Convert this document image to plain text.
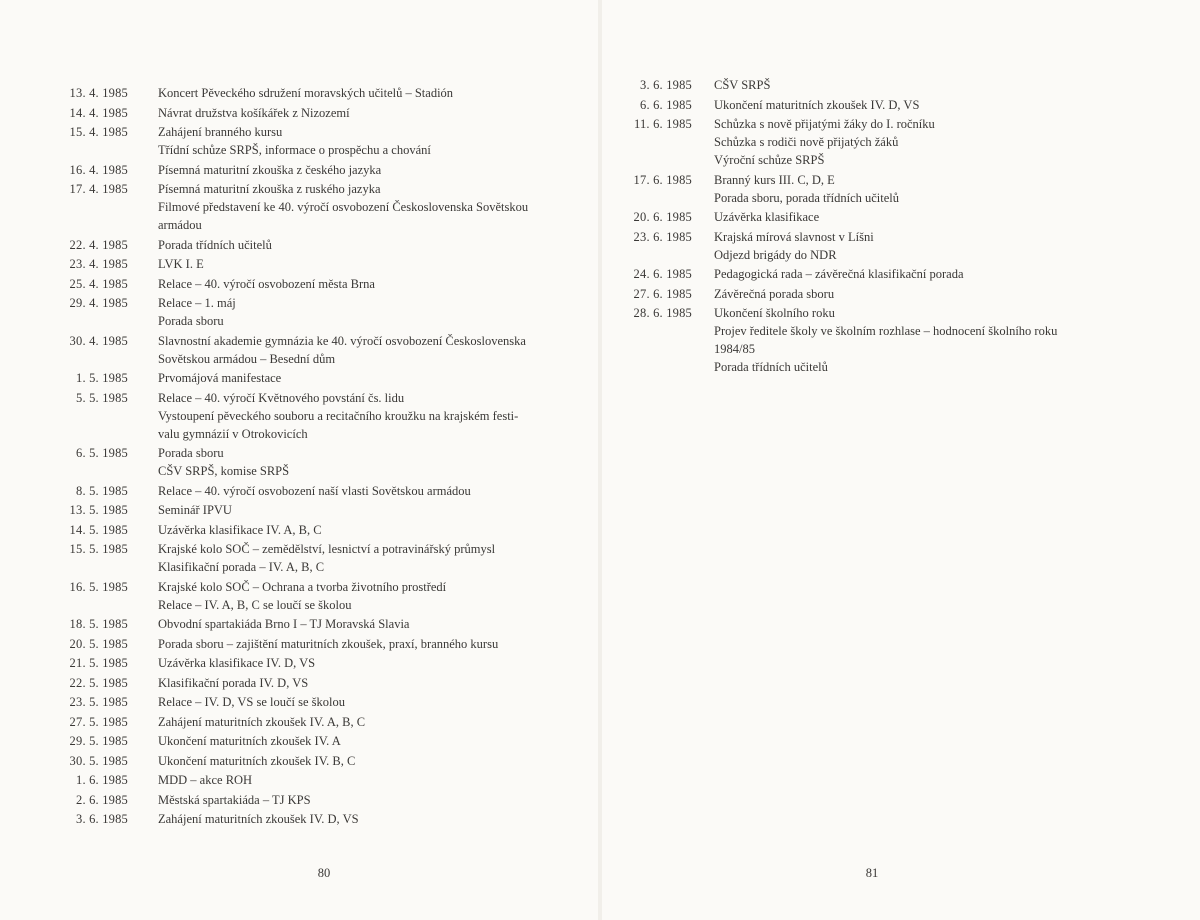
13. 4. 1985 Koncert Pěveckého sdružení moravských učitelů – Stadión
14. 4. 1985 Návrat družstva košíkářek z Nizozemí
15. 4. 1985 Zahájení branného kursu
Třídní schůze SRPŠ, informace o prospěchu a chování
16. 4. 1985 Písemná maturitní zkouška z českého jazyka
17. 4. 1985 Písemná maturitní zkouška z ruského jazyka
Filmové představení ke 40. výročí osvobození Československa Sovětskou
armádou
22. 4. 1985 Porada třídních učitelů
23. 4. 1985 LVK I. E
25. 4. 1985 Relace – 40. výročí osvobození města Brna
29. 4. 1985 Relace – 1. máj
Porada sboru
30. 4. 1985 Slavnostní akademie gymnázia ke 40. výročí osvobození Československa
Sovětskou armádou – Besední dům
1. 5. 1985 Prvomájová manifestace
5. 5. 1985 Relace – 40. výročí Květnového povstání čs. lidu
Vystoupení pěveckého souboru a recitačního kroužku na krajském festi-
valu gymnázií v Otrokovicích
6. 5. 1985 Porada sboru
CŠV SRPŠ, komise SRPŠ
8. 5. 1985 Relace – 40. výročí osvobození naší vlasti Sovětskou armádou
13. 5. 1985 Seminář IPVU
14. 5. 1985 Uzávěrka klasifikace IV. A, B, C
15. 5. 1985 Krajské kolo SOČ – zemědělství, lesnictví a potravinářský průmysl
Klasifikační porada – IV. A, B, C
16. 5. 1985 Krajské kolo SOČ – Ochrana a tvorba životního prostředí
Relace – IV. A, B, C se loučí se školou
18. 5. 1985 Obvodní spartakiáda Brno I – TJ Moravská Slavia
20. 5. 1985 Porada sboru – zajištění maturitních zkoušek, praxí, branného kursu
21. 5. 1985 Uzávěrka klasifikace IV. D, VS
22. 5. 1985 Klasifikační porada IV. D, VS
23. 5. 1985 Relace – IV. D, VS se loučí se školou
27. 5. 1985 Zahájení maturitních zkoušek IV. A, B, C
29. 5. 1985 Ukončení maturitních zkoušek IV. A
30. 5. 1985 Ukončení maturitních zkoušek IV. B, C
1. 6. 1985 MDD – akce ROH
2. 6. 1985 Městská spartakiáda – TJ KPS
3. 6. 1985 Zahájení maturitních zkoušek IV. D, VS
80
3. 6. 1985 CŠV SRPŠ
6. 6. 1985 Ukončení maturitních zkoušek IV. D, VS
11. 6. 1985 Schůzka s nově přijatými žáky do I. ročníku
Schůzka s rodiči nově přijatých žáků
Výroční schůze SRPŠ
17. 6. 1985 Branný kurs III. C, D, E
Porada sboru, porada třídních učitelů
20. 6. 1985 Uzávěrka klasifikace
23. 6. 1985 Krajská mírová slavnost v Líšni
Odjezd brigády do NDR
24. 6. 1985 Pedagogická rada – závěrečná klasifikační porada
27. 6. 1985 Závěrečná porada sboru
28. 6. 1985 Ukončení školního roku
Projev ředitele školy ve školním rozhlase – hodnocení školního roku
1984/85
Porada třídních učitelů
81
